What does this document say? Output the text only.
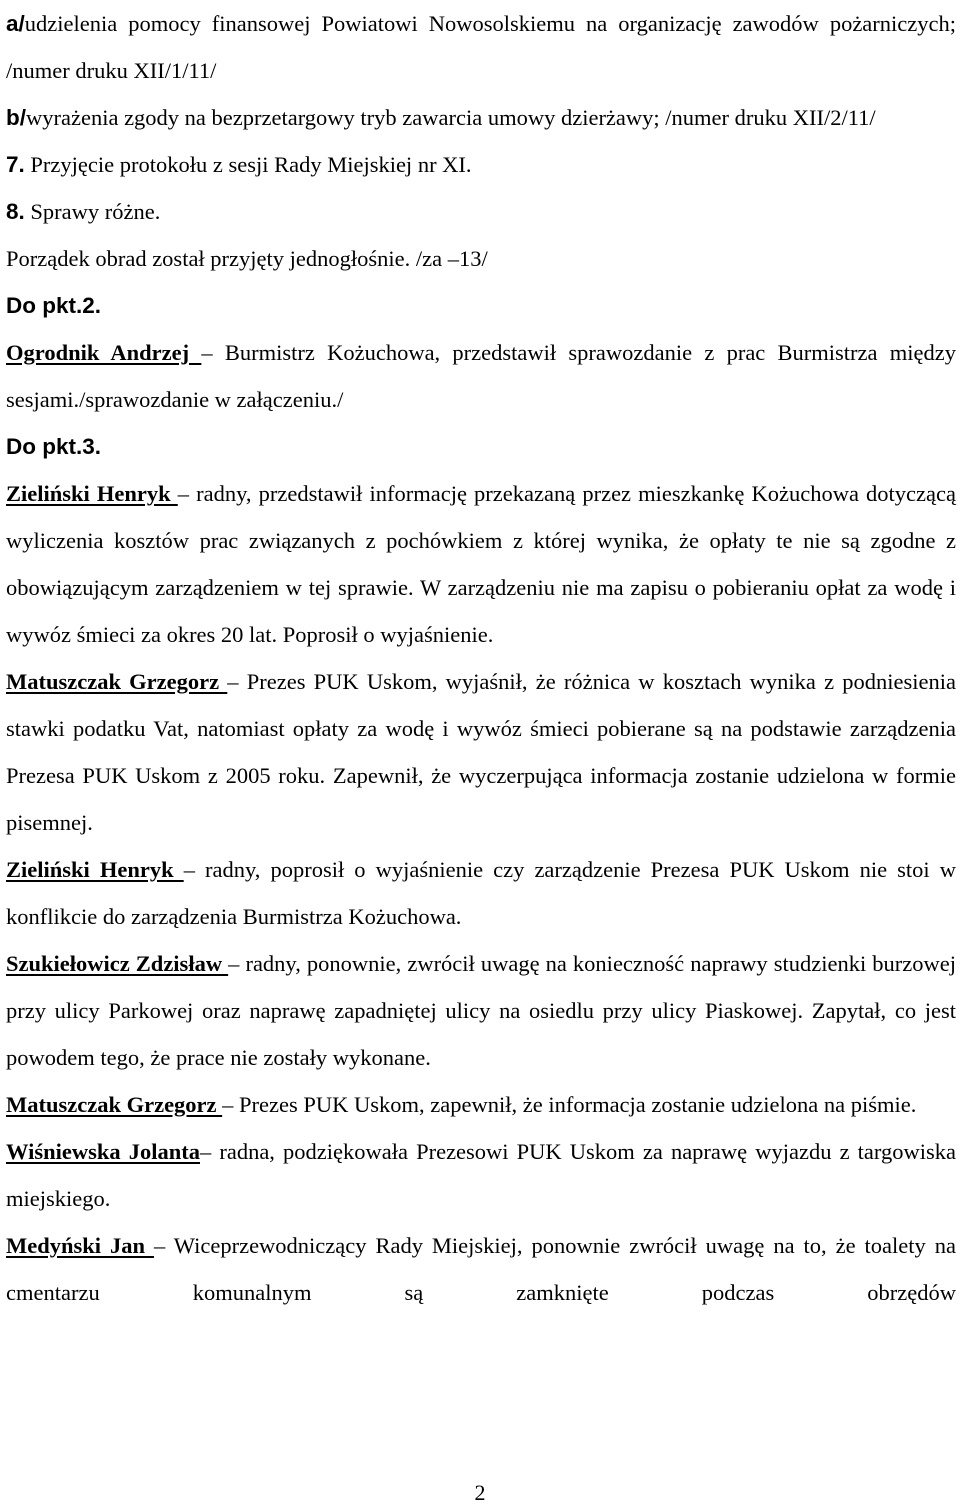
a/udzielenia pomocy finansowej Powiatowi Nowosolskiemu na organizację zawodów pożarniczych; /numer druku XII/1/11/

b/wyrażenia zgody na bezprzetargowy tryb zawarcia umowy dzierżawy; /numer druku XII/2/11/

7. Przyjęcie protokołu z sesji Rady Miejskiej nr XI.

8. Sprawy różne.

Porządek obrad został przyjęty jednogłośnie. /za –13/

Do pkt.2.

Ogrodnik Andrzej – Burmistrz Kożuchowa, przedstawił sprawozdanie z prac Burmistrza między sesjami./sprawozdanie w załączeniu./

Do pkt.3.

Zieliński Henryk – radny, przedstawił informację przekazaną przez mieszkankę Kożuchowa dotyczącą wyliczenia kosztów prac związanych z pochówkiem z której wynika, że opłaty te nie są zgodne z obowiązującym zarządzeniem w tej sprawie. W zarządzeniu nie ma zapisu o pobieraniu opłat za wodę i wywóz śmieci za okres 20 lat. Poprosił o wyjaśnienie.

Matuszczak Grzegorz – Prezes PUK Uskom, wyjaśnił, że różnica w kosztach wynika z podniesienia stawki podatku Vat, natomiast opłaty za wodę i wywóz śmieci pobierane są na podstawie zarządzenia Prezesa PUK Uskom z 2005 roku. Zapewnił, że wyczerpująca informacja zostanie udzielona w formie pisemnej.

Zieliński Henryk – radny, poprosił o wyjaśnienie czy zarządzenie Prezesa PUK Uskom nie stoi w konflikcie do zarządzenia Burmistrza Kożuchowa.

Szukiełowicz Zdzisław – radny, ponownie, zwrócił uwagę na konieczność naprawy studzienki burzowej przy ulicy Parkowej oraz naprawę zapadniętej ulicy na osiedlu przy ulicy Piaskowej. Zapytał, co jest powodem tego, że prace nie zostały wykonane.

Matuszczak Grzegorz – Prezes PUK Uskom, zapewnił, że informacja zostanie udzielona na piśmie.

Wiśniewska Jolanta– radna, podziękowała Prezesowi PUK Uskom za naprawę wyjazdu z targowiska miejskiego.

Medyński Jan – Wiceprzewodniczący Rady Miejskiej, ponownie zwrócił uwagę na to, że toalety na cmentarzu komunalnym są zamknięte podczas obrzędów

2
